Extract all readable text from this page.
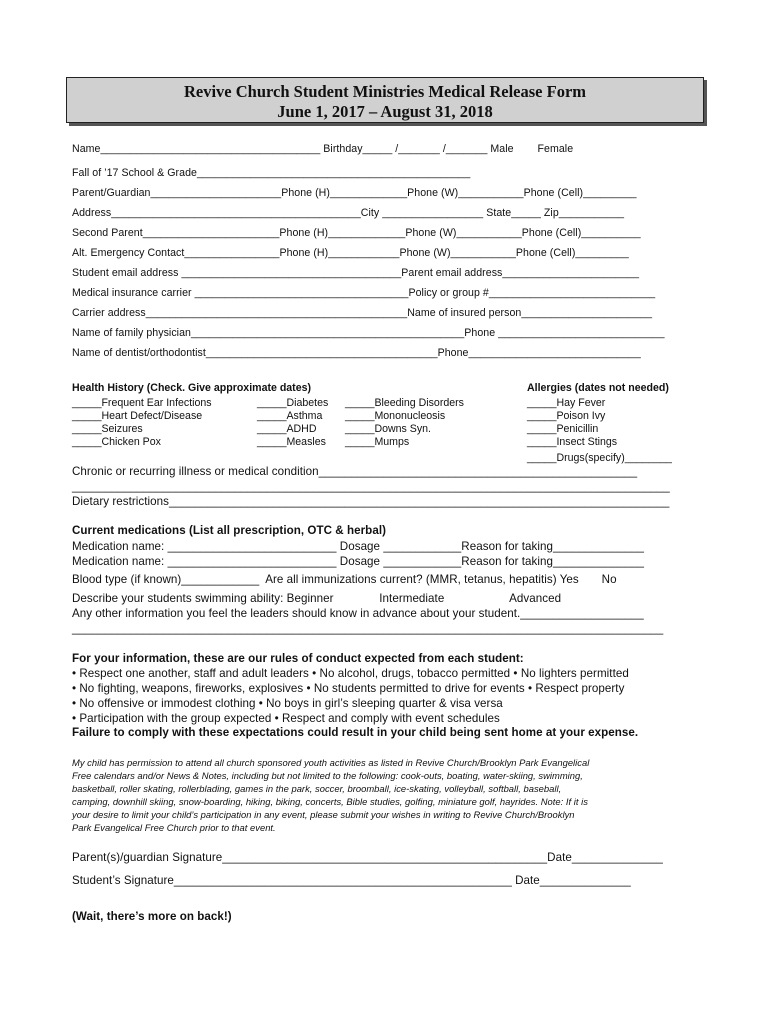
Revive Church Student Ministries Medical Release Form
June 1, 2017 – August 31, 2018
Name_____________________________________ Birthday_____ /_______ /_______ Male        Female
Fall of ’17 School & Grade______________________________________________
Parent/Guardian______________________Phone (H)_____________Phone (W)___________Phone (Cell)_________
Address__________________________________________City _________________ State_____ Zip___________
Second Parent_______________________Phone (H)_____________Phone (W)___________Phone (Cell)__________
Alt. Emergency Contact________________Phone (H)____________Phone (W)___________Phone (Cell)_________
Student email address _____________________________________Parent email address_______________________
Medical insurance carrier ____________________________________Policy or group #____________________________
Carrier address____________________________________________Name of insured person______________________
Name of family physician______________________________________________Phone ____________________________
Name of dentist/orthodontist_______________________________________Phone_____________________________
Health History (Check. Give approximate dates)
_____Frequent Ear Infections
_____Heart Defect/Disease
_____Seizures
_____Chicken Pox
_____Diabetes
_____Asthma
_____ADHD
_____Measles
_____Bleeding Disorders
_____Mononucleosis
_____Downs Syn.
_____Mumps
Allergies (dates not needed)
_____Hay Fever
_____Poison Ivy
_____Penicillin
_____Insect Stings
_____Drugs(specify)________
Chronic or recurring illness or medical condition_________________________________________________
____________________________________________________________________________________________
Dietary restrictions_____________________________________________________________________________
Current medications (List all prescription, OTC & herbal)
Medication name: __________________________ Dosage ____________Reason for taking______________
Medication name: __________________________ Dosage ____________Reason for taking______________
Blood type (if known)____________  Are all immunizations current? (MMR, tetanus, hepatitis) Yes       No
Describe your students swimming ability: Beginner              Intermediate                    Advanced
Any other information you feel the leaders should know in advance about your student.___________________
___________________________________________________________________________________________
For your information, these are our rules of conduct expected from each student:
• Respect one another, staff and adult leaders • No alcohol, drugs, tobacco permitted • No lighters permitted
• No fighting, weapons, fireworks, explosives • No students permitted to drive for events • Respect property
• No offensive or immodest clothing • No boys in girl’s sleeping quarter & visa versa
• Participation with the group expected • Respect and comply with event schedules
Failure to comply with these expectations could result in your child being sent home at your expense.
My child has permission to attend all church sponsored youth activities as listed in Revive Church/Brooklyn Park Evangelical
Free calendars and/or News & Notes, including but not limited to the following: cook-outs, boating, water-skiing, swimming,
basketball, roller skating, rollerblading, games in the park, soccer, broomball, ice-skating, volleyball, softball, baseball,
camping, downhill skiing, snow-boarding, hiking, biking, concerts, Bible studies, golfing, miniature golf, hayrides. Note: If it is
your desire to limit your child’s participation in any event, please submit your wishes in writing to Revive Church/Brooklyn
Park Evangelical Free Church prior to that event.
Parent(s)/guardian Signature__________________________________________________Date______________
Student’s Signature____________________________________________________ Date______________
(Wait, there’s more on back!)
